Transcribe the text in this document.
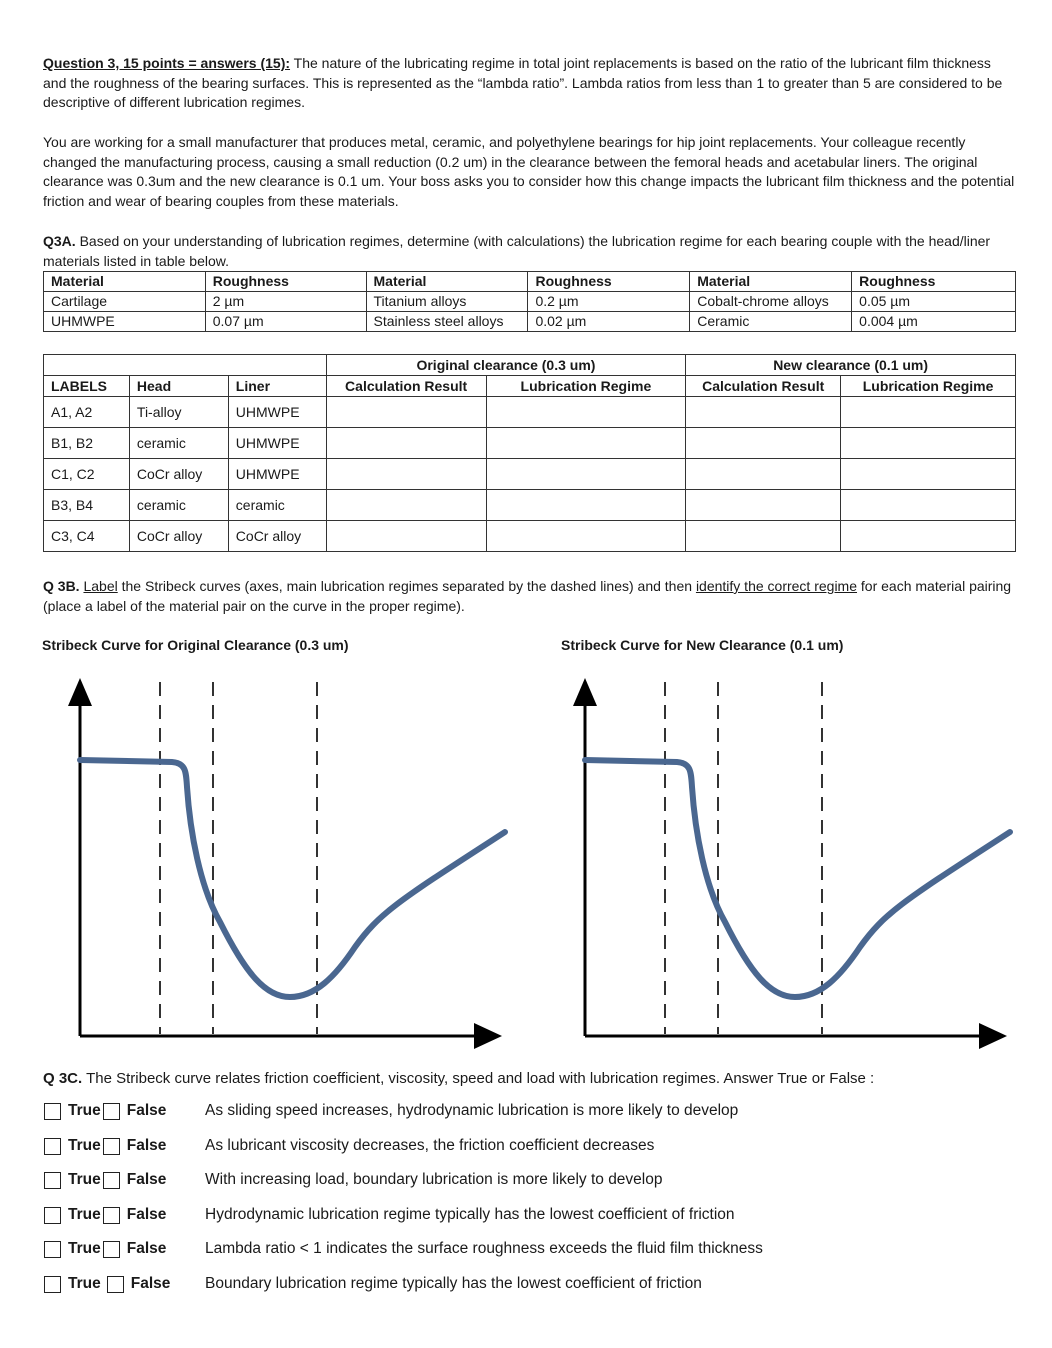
Question 3, 15 points = answers (15): The nature of the lubricating regime in total joint replacements is based on the ratio of the lubricant film thickness and the roughness of the bearing surfaces. This is represented as the “lambda ratio”. Lambda ratios from less than 1 to greater than 5 are considered to be descriptive of different lubrication regimes.
You are working for a small manufacturer that produces metal, ceramic, and polyethylene bearings for hip joint replacements. Your colleague recently changed the manufacturing process, causing a small reduction (0.2 um) in the clearance between the femoral heads and acetabular liners. The original clearance was 0.3um and the new clearance is 0.1 um. Your boss asks you to consider how this change impacts the lubricant film thickness and the potential friction and wear of bearing couples from these materials.
Q3A. Based on your understanding of lubrication regimes, determine (with calculations) the lubrication regime for each bearing couple with the head/liner materials listed in table below.
Material	Roughness	Material	Roughness	Material	Roughness
Cartilage	2 µm	Titanium alloys	0.2 µm	Cobalt-chrome alloys	0.05 µm
UHMWPE	0.07 µm	Stainless steel alloys	0.02 µm	Ceramic	0.004 µm
			Original clearance (0.3 um)		New clearance (0.1 um)	
LABELS	Head	Liner	Calculation Result	Lubrication Regime	Calculation Result	Lubrication Regime
A1, A2	Ti-alloy	UHMWPE				
B1, B2	ceramic	UHMWPE				
C1, C2	CoCr alloy	UHMWPE				
B3, B4	ceramic	ceramic				
C3, C4	CoCr alloy	CoCr alloy				
Q 3B. Label the Stribeck curves (axes, main lubrication regimes separated by the dashed lines) and then identify the correct regime for each material pairing (place a label of the material pair on the curve in the proper regime).
Stribeck Curve for Original Clearance (0.3 um)	Stribeck Curve for New Clearance (0.1 um)
Q 3C. The Stribeck curve relates friction coefficient, viscosity, speed and load with lubrication regimes. Answer True or False :
True False As sliding speed increases, hydrodynamic lubrication is more likely to develop
True False As lubricant viscosity decreases, the friction coefficient decreases
True False With increasing load, boundary lubrication is more likely to develop
True False Hydrodynamic lubrication regime typically has the lowest coefficient of friction
True False Lambda ratio < 1 indicates the surface roughness exceeds the fluid film thickness
True False Boundary lubrication regime typically has the lowest coefficient of friction
